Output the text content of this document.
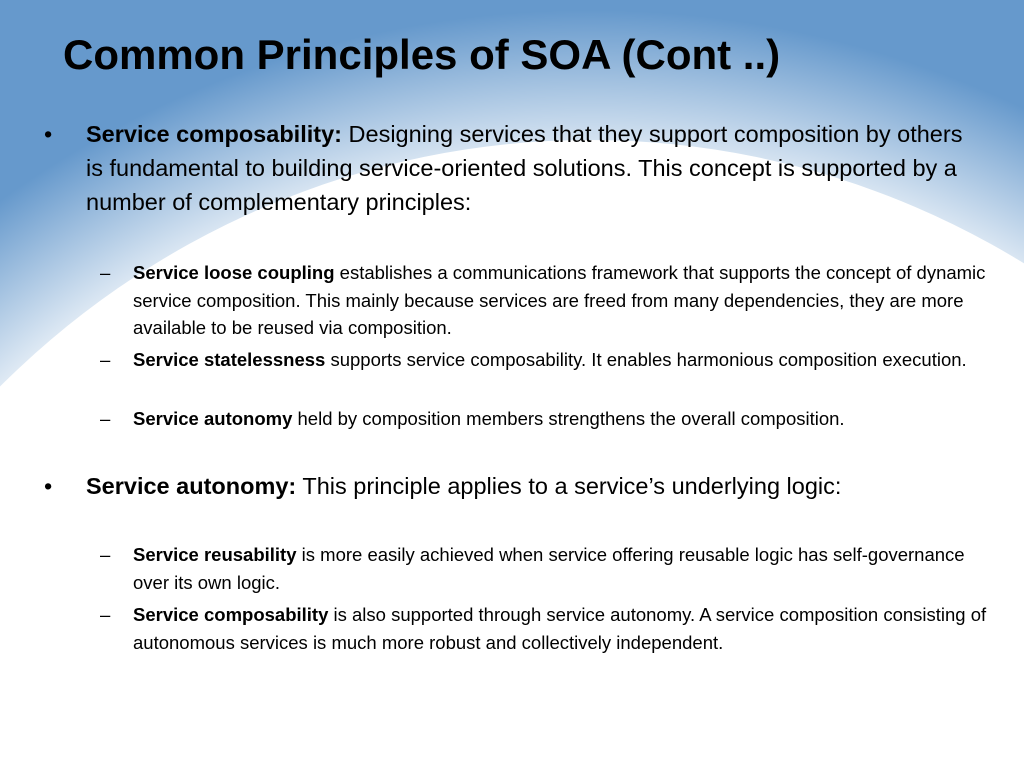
Common Principles of SOA (Cont ..)
• Service composability: Designing services that they support composition by others is fundamental to building service-oriented solutions. This concept is supported by a number of complementary principles:
– Service loose coupling establishes a communications framework that supports the concept of dynamic service composition. This mainly because services are freed from many dependencies, they are more available to be reused via composition.
– Service statelessness supports service composability. It enables harmonious composition execution.
– Service autonomy held by composition members strengthens the overall composition.
• Service autonomy: This principle applies to a service’s underlying logic:
– Service reusability is more easily achieved when service offering reusable logic has self-governance over its own logic.
– Service composability is also supported through service autonomy. A service composition consisting of autonomous services is much more robust and collectively independent.
